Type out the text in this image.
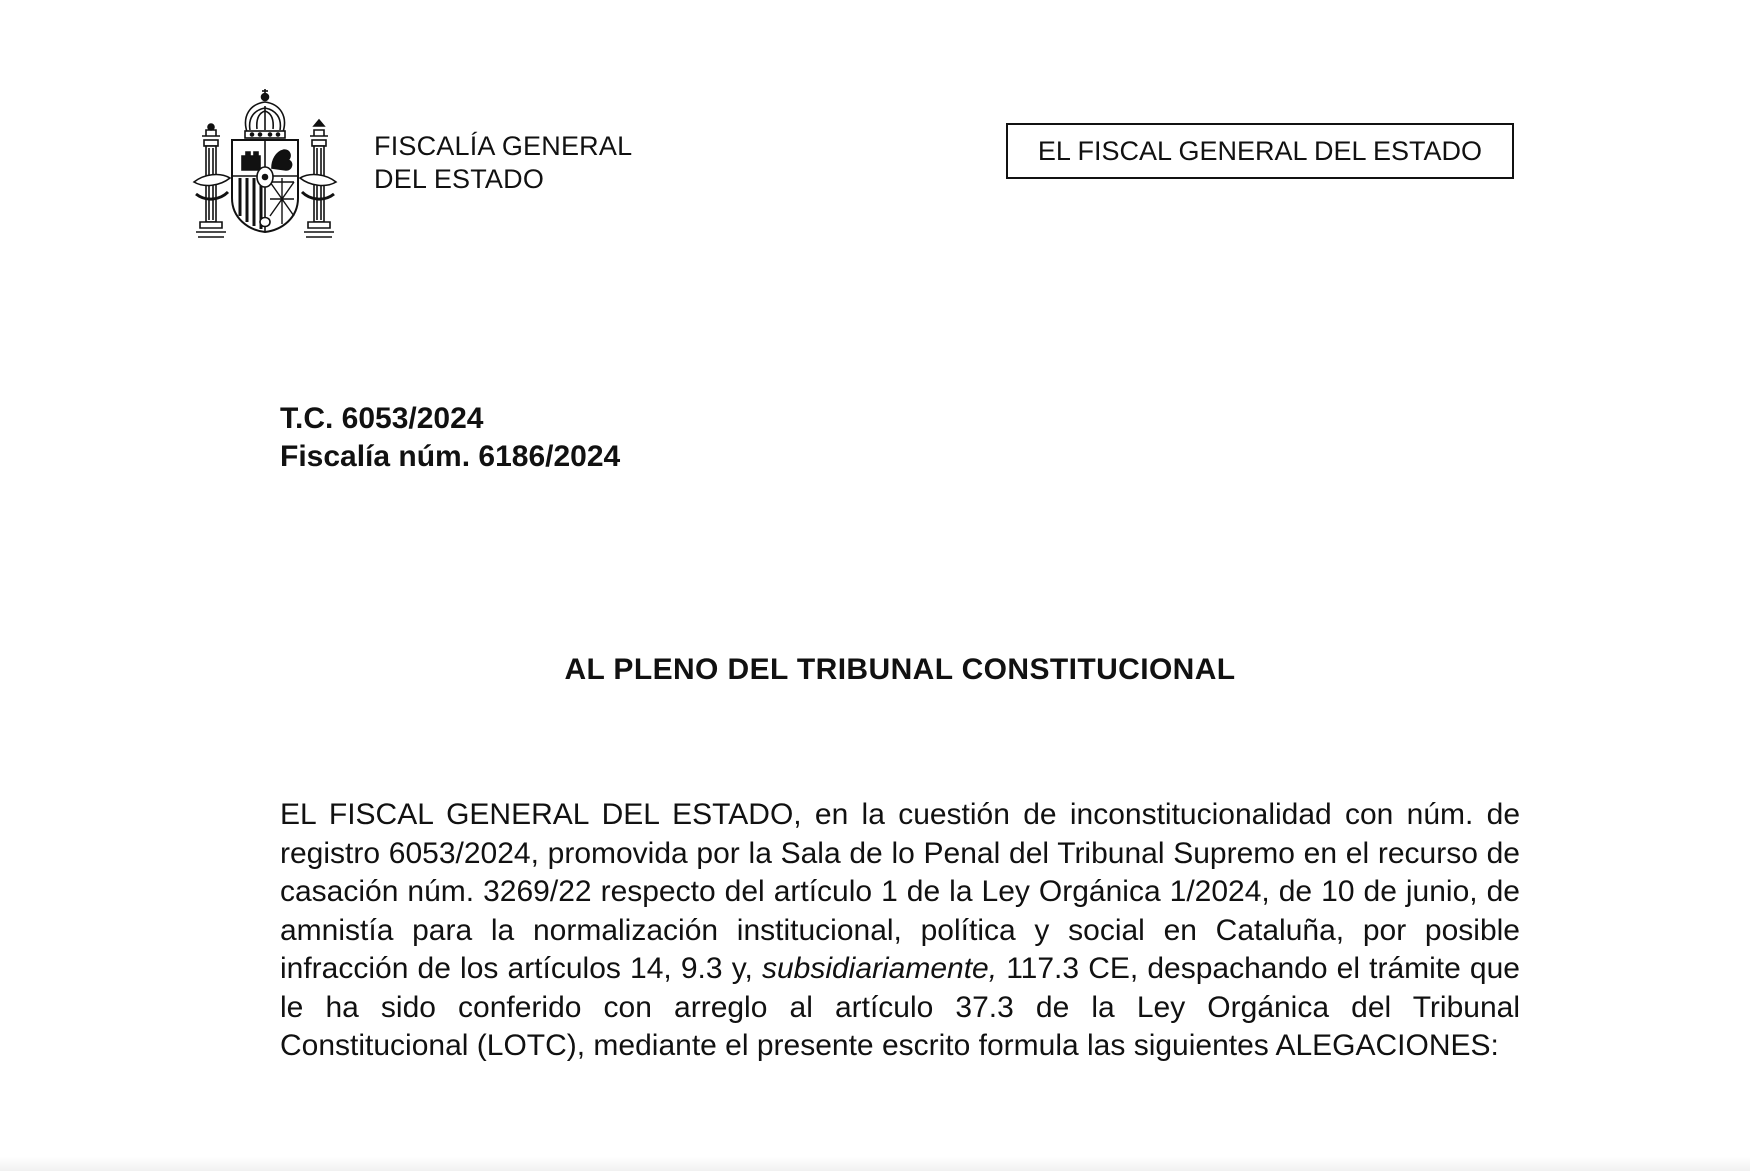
FISCALÍA GENERAL
DEL ESTADO
EL FISCAL GENERAL DEL ESTADO
T.C. 6053/2024
Fiscalía núm. 6186/2024
AL PLENO DEL TRIBUNAL CONSTITUCIONAL

EL FISCAL GENERAL DEL ESTADO, en la cuestión de inconstitucionalidad con núm. de registro 6053/2024, promovida por la Sala de lo Penal del Tribunal Supremo en el recurso de casación núm. 3269/22 respecto del artículo 1 de la Ley Orgánica 1/2024, de 10 de junio, de amnistía para la normalización institucional, política y social en Cataluña, por posible infracción de los artículos 14, 9.3 y, subsidiariamente, 117.3 CE, despachando el trámite que le ha sido conferido con arreglo al artículo 37.3 de la Ley Orgánica del Tribunal Constitucional (LOTC), mediante el presente escrito formula las siguientes ALEGACIONES:
